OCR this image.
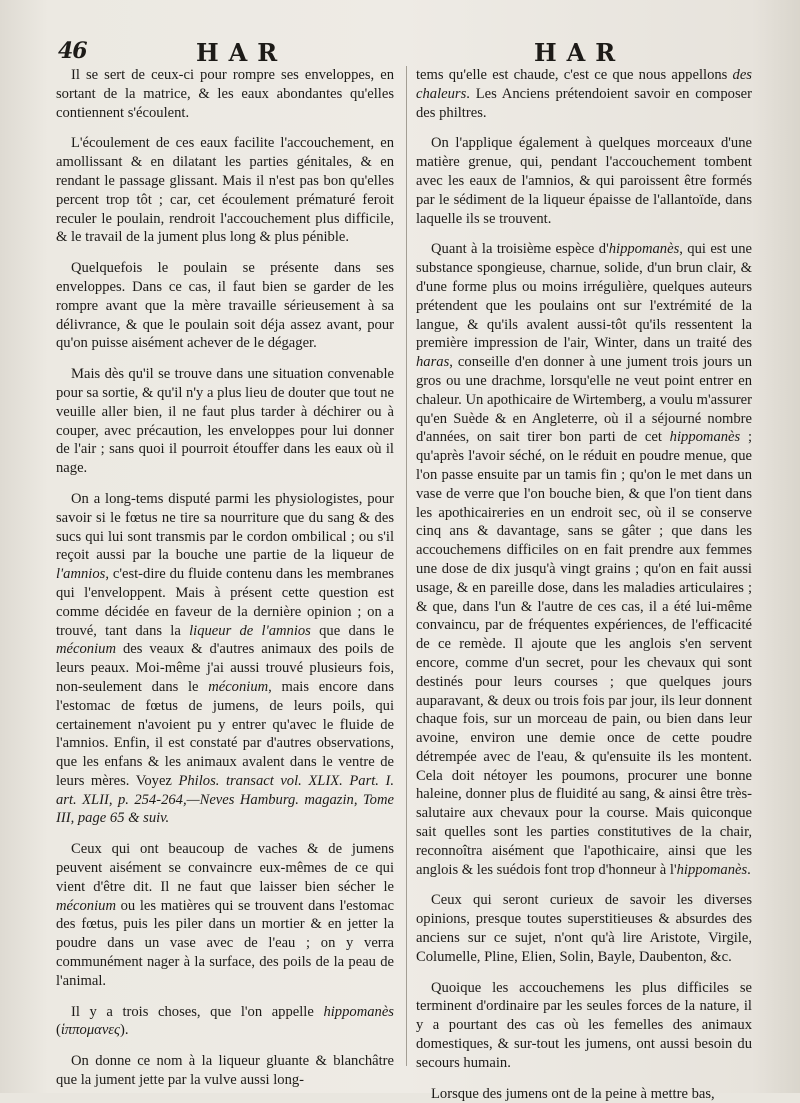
46	HAR	HAR

Il se sert de ceux-ci pour rompre ses enveloppes, en sortant de la matrice, & les eaux abondantes qu'elles contiennent s'écoulent.

L'écoulement de ces eaux facilite l'accouchement, en amollissant & en dilatant les parties génitales, & en rendant le passage glissant. Mais il n'est pas bon qu'elles percent trop tôt ; car, cet écoulement prématuré feroit reculer le poulain, rendroit l'accouchement plus difficile, & le travail de la jument plus long & plus pénible.

Quelquefois le poulain se présente dans ses enveloppes. Dans ce cas, il faut bien se garder de les rompre avant que la mère travaille sérieusement à sa délivrance, & que le poulain soit déja assez avant, pour qu'on puisse aisément achever de le dégager.

Mais dès qu'il se trouve dans une situation convenable pour sa sortie, & qu'il n'y a plus lieu de douter que tout ne veuille aller bien, il ne faut plus tarder à déchirer ou à couper, avec précaution, les enveloppes pour lui donner de l'air ; sans quoi il pourroit étouffer dans les eaux où il nage.

On a long-tems disputé parmi les physiologistes, pour savoir si le fœtus ne tire sa nourriture que du sang & des sucs qui lui sont transmis par le cordon ombilical ; ou s'il reçoit aussi par la bouche une partie de la liqueur de l'amnios, c'est-dire du fluide contenu dans les membranes qui l'enveloppent. Mais à présent cette question est comme décidée en faveur de la dernière opinion ; on a trouvé, tant dans la liqueur de l'amnios que dans le méconium des veaux & d'autres animaux des poils de leurs peaux. Moi-même j'ai aussi trouvé plusieurs fois, non-seulement dans le méconium, mais encore dans l'estomac de fœtus de jumens, de leurs poils, qui certainement n'avoient pu y entrer qu'avec le fluide de l'amnios. Enfin, il est constaté par d'autres observations, que les enfans & les animaux avalent dans le ventre de leurs mères. Voyez Philos. transact vol. XLIX. Part. I. art. XLII, p. 254-264,—Neves Hamburg. magazin, Tome III, page 65 & suiv.

Ceux qui ont beaucoup de vaches & de jumens peuvent aisément se convaincre eux-mêmes de ce qui vient d'être dit. Il ne faut que laisser bien sécher le méconium ou les matières qui se trouvent dans l'estomac des fœtus, puis les piler dans un mortier & en jetter la poudre dans un vase avec de l'eau ; on y verra communément nager à la surface, des poils de la peau de l'animal.

Il y a trois choses, que l'on appelle hippomanès (ἱππομανες).

On donne ce nom à la liqueur gluante & blanchâtre que la jument jette par la vulve aussi long-

tems qu'elle est chaude, c'est ce que nous appellons des chaleurs. Les Anciens prétendoient savoir en composer des philtres.

On l'applique également à quelques morceaux d'une matière grenue, qui, pendant l'accouchement tombent avec les eaux de l'amnios, & qui paroissent être formés par le sédiment de la liqueur épaisse de l'allantoïde, dans laquelle ils se trouvent.

Quant à la troisième espèce d'hippomanès, qui est une substance spongieuse, charnue, solide, d'un brun clair, & d'une forme plus ou moins irrégulière, quelques auteurs prétendent que les poulains ont sur l'extrémité de la langue, & qu'ils avalent aussi-tôt qu'ils ressentent la première impression de l'air, Winter, dans un traité des haras, conseille d'en donner à une jument trois jours un gros ou une drachme, lorsqu'elle ne veut point entrer en chaleur. Un apothicaire de Wirtemberg, a voulu m'assurer qu'en Suède & en Angleterre, où il a séjourné nombre d'années, on sait tirer bon parti de cet hippomanès ; qu'après l'avoir séché, on le réduit en poudre menue, que l'on passe ensuite par un tamis fin ; qu'on le met dans un vase de verre que l'on bouche bien, & que l'on tient dans les apothicaireries en un endroit sec, où il se conserve cinq ans & davantage, sans se gâter ; que dans les accouchemens difficiles on en fait prendre aux femmes une dose de dix jusqu'à vingt grains ; qu'on en fait aussi usage, & en pareille dose, dans les maladies articulaires ; & que, dans l'un & l'autre de ces cas, il a été lui-même convaincu, par de fréquentes expériences, de l'efficacité de ce remède. Il ajoute que les anglois s'en servent encore, comme d'un secret, pour les chevaux qui sont destinés pour leurs courses ; que quelques jours auparavant, & deux ou trois fois par jour, ils leur donnent chaque fois, sur un morceau de pain, ou bien dans leur avoine, environ une demie once de cette poudre détrempée avec de l'eau, & qu'ensuite ils les montent. Cela doit nétoyer les poumons, procurer une bonne haleine, donner plus de fluidité au sang, & ainsi être très-salutaire aux chevaux pour la course. Mais quiconque sait quelles sont les parties constitutives de la chair, reconnoîtra aisément que l'apothicaire, ainsi que les anglois & les suédois font trop d'honneur à l'hippomanès.

Ceux qui seront curieux de savoir les diverses opinions, presque toutes superstitieuses & absurdes des anciens sur ce sujet, n'ont qu'à lire Aristote, Virgile, Columelle, Pline, Elien, Solin, Bayle, Daubenton, &c.

Quoique les accouchemens les plus difficiles se terminent d'ordinaire par les seules forces de la nature, il y a pourtant des cas où les femelles des animaux domestiques, & sur-tout les jumens, ont aussi besoin du secours humain.

Lorsque des jumens ont de la peine à mettre bas,
